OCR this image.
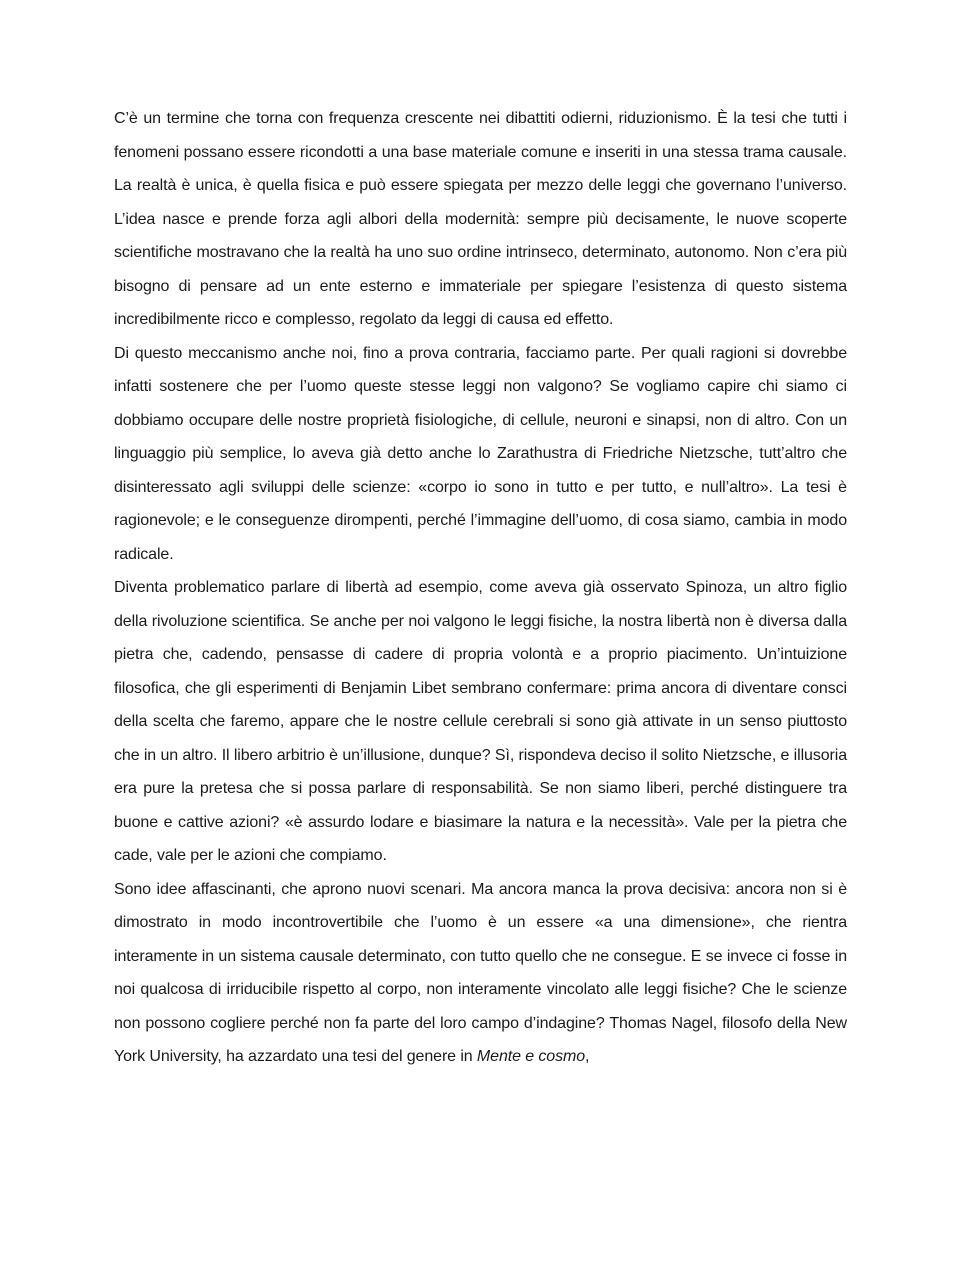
C’è un termine che torna con frequenza crescente nei dibattiti odierni, riduzionismo. È la tesi che tutti i fenomeni possano essere ricondotti a una base materiale comune e inseriti in una stessa trama causale. La realtà è unica, è quella fisica e può essere spiegata per mezzo delle leggi che governano l’universo. L’idea nasce e prende forza agli albori della modernità: sempre più decisamente, le nuove scoperte scientifiche mostravano che la realtà ha uno suo ordine intrinseco, determinato, autonomo. Non c’era più bisogno di pensare ad un ente esterno e immateriale per spiegare l’esistenza di questo sistema incredibilmente ricco e complesso, regolato da leggi di causa ed effetto.

Di questo meccanismo anche noi, fino a prova contraria, facciamo parte. Per quali ragioni si dovrebbe infatti sostenere che per l’uomo queste stesse leggi non valgono? Se vogliamo capire chi siamo ci dobbiamo occupare delle nostre proprietà fisiologiche, di cellule, neuroni e sinapsi, non di altro. Con un linguaggio più semplice, lo aveva già detto anche lo Zarathustra di Friedriche Nietzsche, tutt’altro che disinteressato agli sviluppi delle scienze: «corpo io sono in tutto e per tutto, e null’altro». La tesi è ragionevole; e le conseguenze dirompenti, perché l’immagine dell’uomo, di cosa siamo, cambia in modo radicale.

Diventa problematico parlare di libertà ad esempio, come aveva già osservato Spinoza, un altro figlio della rivoluzione scientifica. Se anche per noi valgono le leggi fisiche, la nostra libertà non è diversa dalla pietra che, cadendo, pensasse di cadere di propria volontà e a proprio piacimento. Un’intuizione filosofica, che gli esperimenti di Benjamin Libet sembrano confermare: prima ancora di diventare consci della scelta che faremo, appare che le nostre cellule cerebrali si sono già attivate in un senso piuttosto che in un altro. Il libero arbitrio è un’illusione, dunque? Sì, rispondeva deciso il solito Nietzsche, e illusoria era pure la pretesa che si possa parlare di responsabilità. Se non siamo liberi, perché distinguere tra buone e cattive azioni? «è assurdo lodare e biasimare la natura e la necessità». Vale per la pietra che cade, vale per le azioni che compiamo.

Sono idee affascinanti, che aprono nuovi scenari. Ma ancora manca la prova decisiva: ancora non si è dimostrato in modo incontrovertibile che l’uomo è un essere «a una dimensione», che rientra interamente in un sistema causale determinato, con tutto quello che ne consegue. E se invece ci fosse in noi qualcosa di irriducibile rispetto al corpo, non interamente vincolato alle leggi fisiche? Che le scienze non possono cogliere perché non fa parte del loro campo d’indagine? Thomas Nagel, filosofo della New York University, ha azzardato una tesi del genere in Mente e cosmo,
